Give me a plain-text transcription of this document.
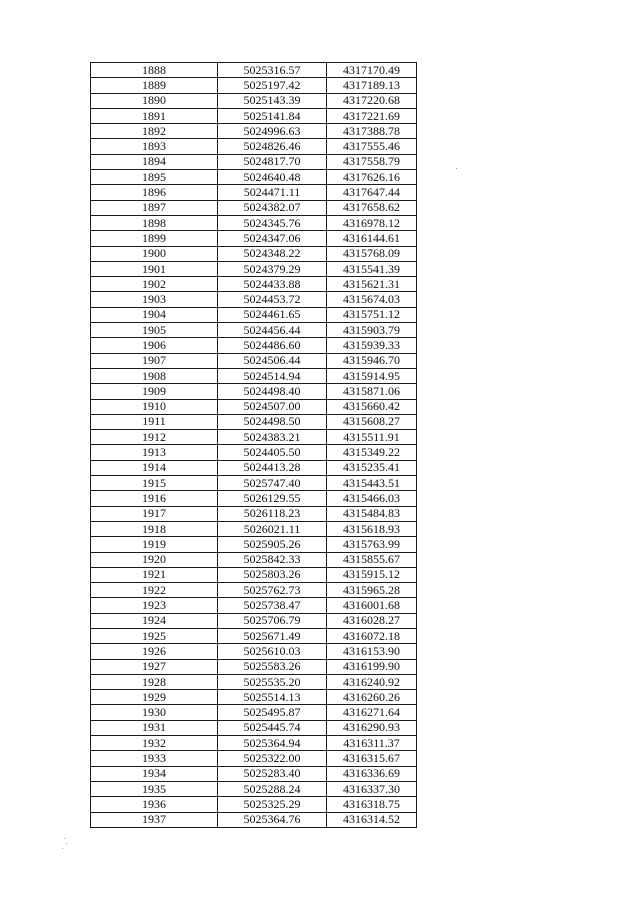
1888	5025316.57	4317170.49
1889	5025197.42	4317189.13
1890	5025143.39	4317220.68
1891	5025141.84	4317221.69
1892	5024996.63	4317388.78
1893	5024826.46	4317555.46
1894	5024817.70	4317558.79
1895	5024640.48	4317626.16
1896	5024471.11	4317647.44
1897	5024382.07	4317658.62
1898	5024345.76	4316978.12
1899	5024347.06	4316144.61
1900	5024348.22	4315768.09
1901	5024379.29	4315541.39
1902	5024433.88	4315621.31
1903	5024453.72	4315674.03
1904	5024461.65	4315751.12
1905	5024456.44	4315903.79
1906	5024486.60	4315939.33
1907	5024506.44	4315946.70
1908	5024514.94	4315914.95
1909	5024498.40	4315871.06
1910	5024507.00	4315660.42
1911	5024498.50	4315608.27
1912	5024383.21	4315511.91
1913	5024405.50	4315349.22
1914	5024413.28	4315235.41
1915	5025747.40	4315443.51
1916	5026129.55	4315466.03
1917	5026118.23	4315484.83
1918	5026021.11	4315618.93
1919	5025905.26	4315763.99
1920	5025842.33	4315855.67
1921	5025803.26	4315915.12
1922	5025762.73	4315965.28
1923	5025738.47	4316001.68
1924	5025706.79	4316028.27
1925	5025671.49	4316072.18
1926	5025610.03	4316153.90
1927	5025583.26	4316199.90
1928	5025535.20	4316240.92
1929	5025514.13	4316260.26
1930	5025495.87	4316271.64
1931	5025445.74	4316290.93
1932	5025364.94	4316311.37
1933	5025322.00	4316315.67
1934	5025283.40	4316336.69
1935	5025288.24	4316337.30
1936	5025325.29	4316318.75
1937	5025364.76	4316314.52
